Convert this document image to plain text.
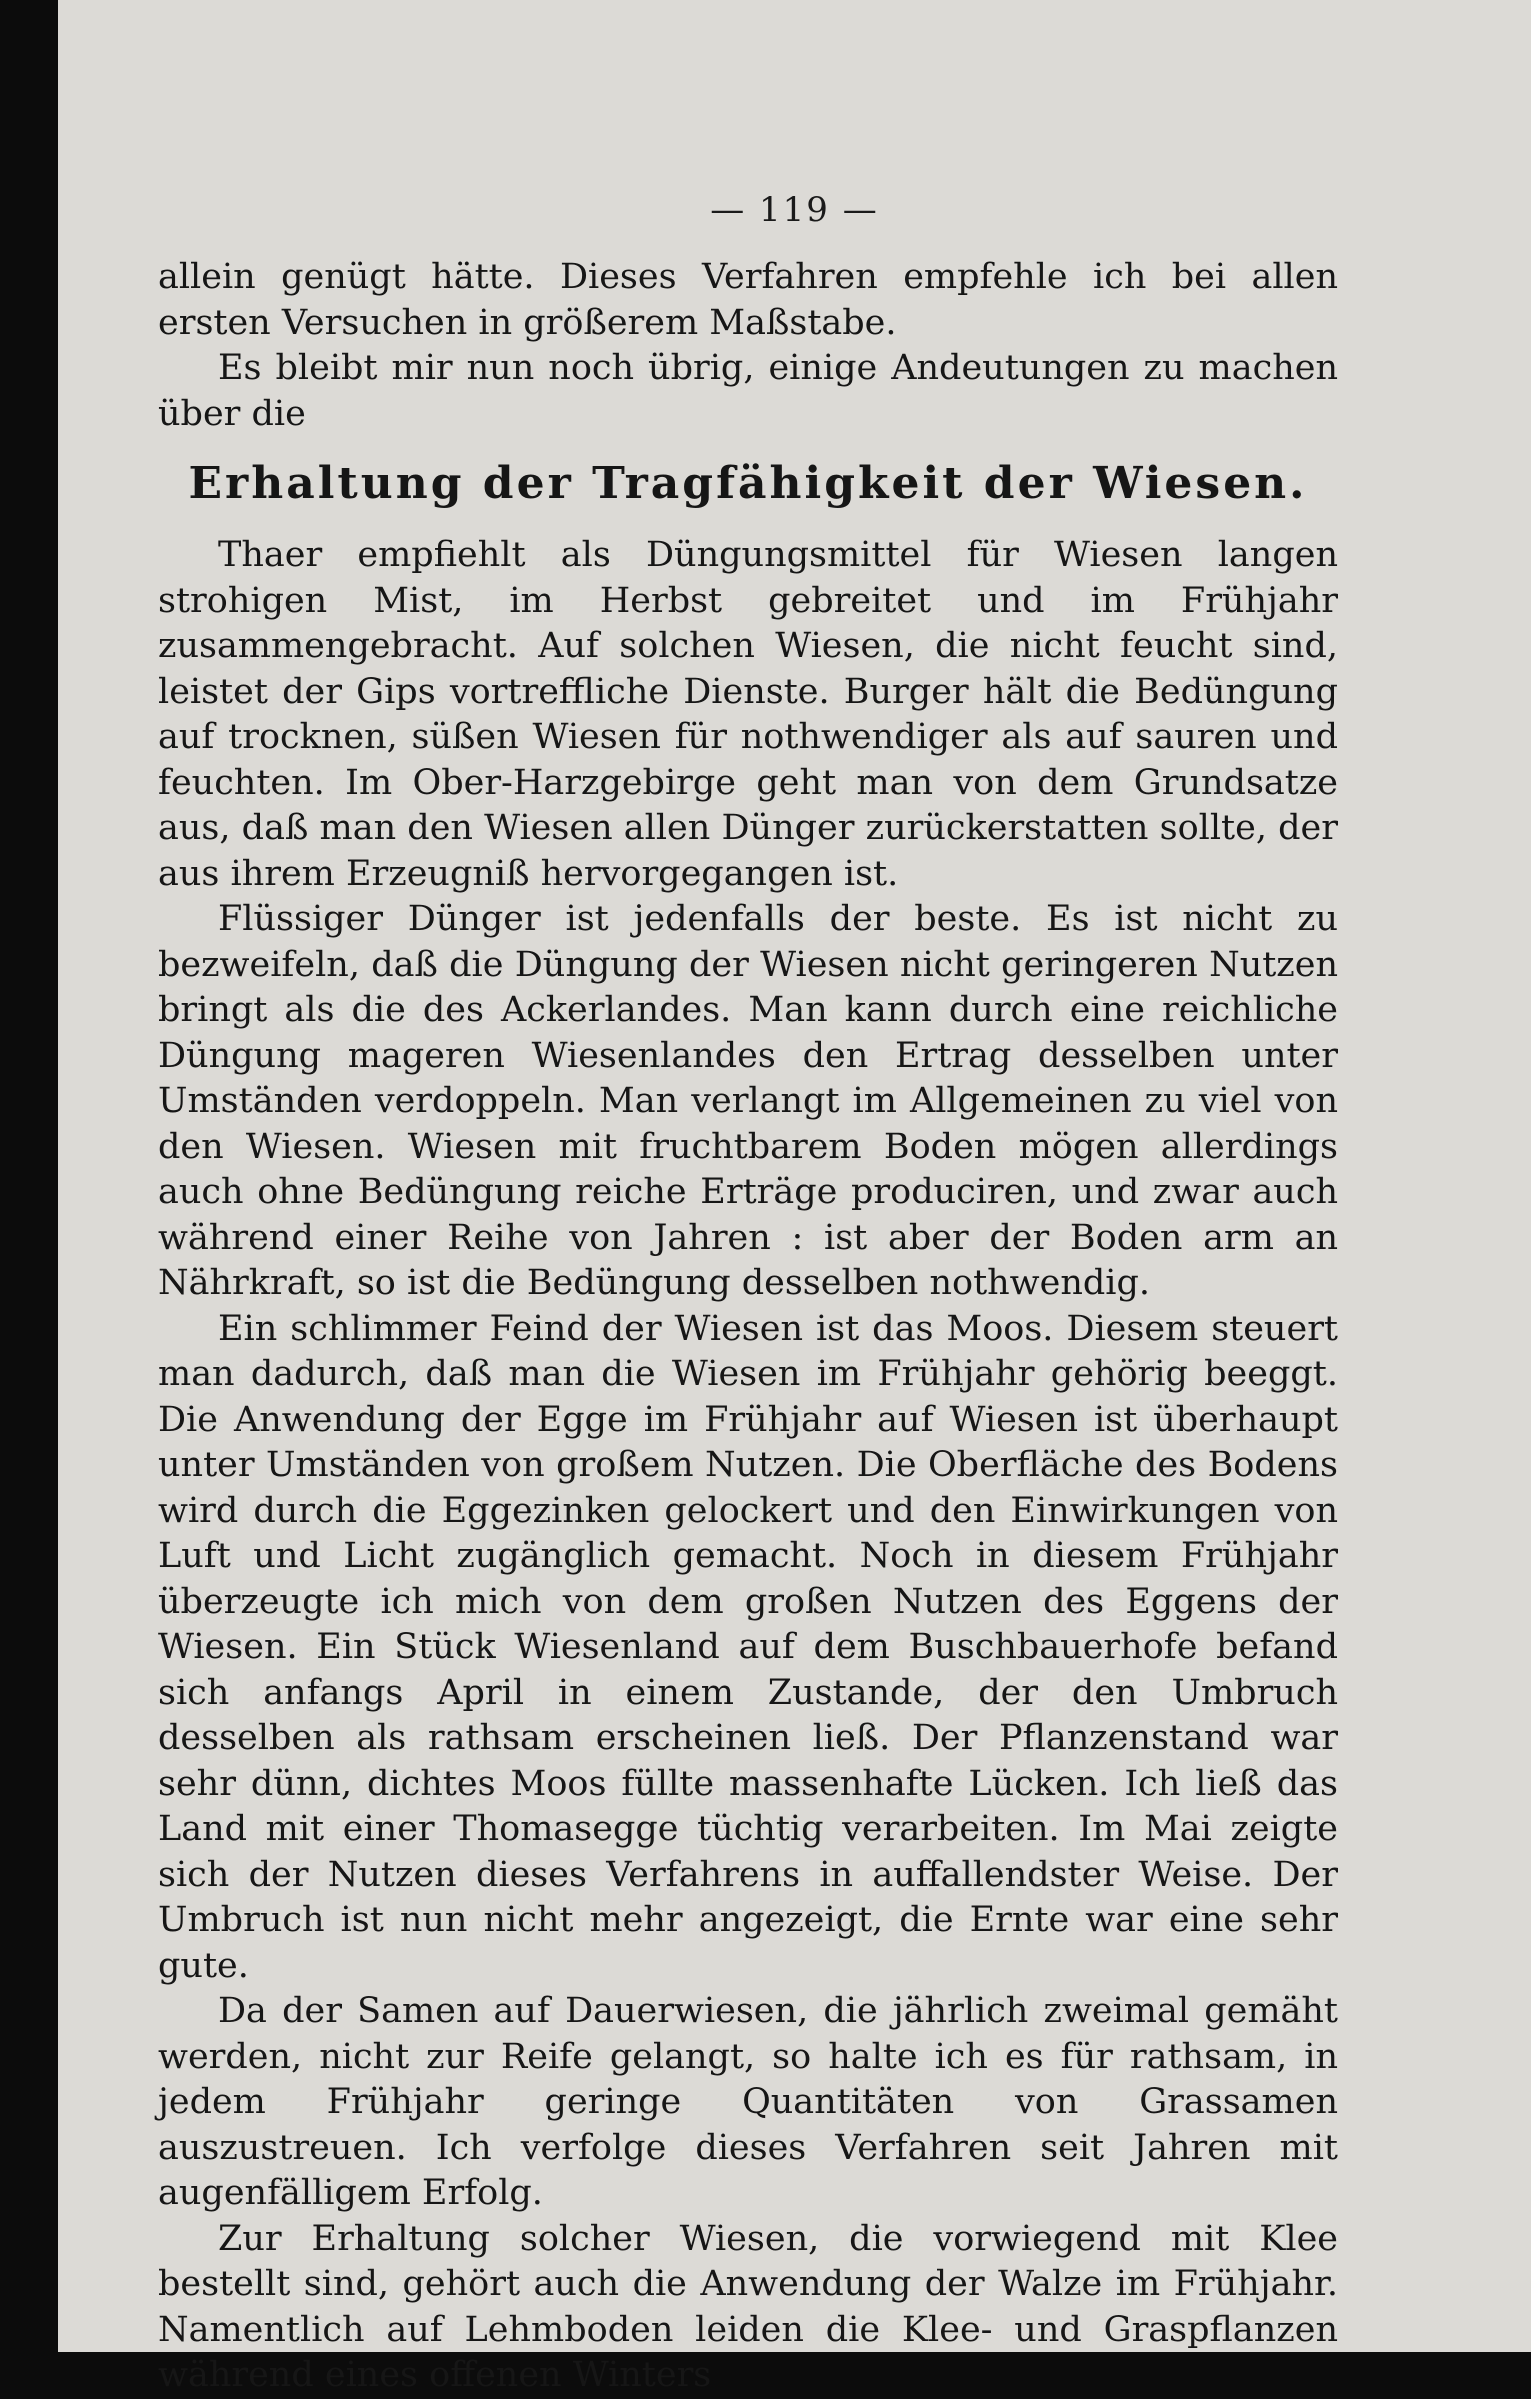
— 119 —

allein genügt hätte. Dieses Verfahren empfehle ich bei allen ersten Versuchen in größerem Maßstabe.

Es bleibt mir nun noch übrig, einige Andeutungen zu machen über die

Erhaltung der Tragfähigkeit der Wiesen.

Thaer empfiehlt als Düngungsmittel für Wiesen langen strohigen Mist, im Herbst gebreitet und im Frühjahr zusammengebracht. Auf solchen Wiesen, die nicht feucht sind, leistet der Gips vortreffliche Dienste. Burger hält die Bedüngung auf trocknen, süßen Wiesen für nothwendiger als auf sauren und feuchten. Im Ober-Harzgebirge geht man von dem Grundsatze aus, daß man den Wiesen allen Dünger zurückerstatten sollte, der aus ihrem Erzeugniß hervorgegangen ist.

Flüssiger Dünger ist jedenfalls der beste. Es ist nicht zu bezweifeln, daß die Düngung der Wiesen nicht geringeren Nutzen bringt als die des Ackerlandes. Man kann durch eine reichliche Düngung mageren Wiesenlandes den Ertrag desselben unter Umständen verdoppeln. Man verlangt im Allgemeinen zu viel von den Wiesen. Wiesen mit fruchtbarem Boden mögen allerdings auch ohne Bedüngung reiche Erträge produciren, und zwar auch während einer Reihe von Jahren : ist aber der Boden arm an Nährkraft, so ist die Bedüngung desselben nothwendig.

Ein schlimmer Feind der Wiesen ist das Moos. Diesem steuert man dadurch, daß man die Wiesen im Frühjahr gehörig beeggt. Die Anwendung der Egge im Frühjahr auf Wiesen ist überhaupt unter Umständen von großem Nutzen. Die Oberfläche des Bodens wird durch die Eggezinken gelockert und den Einwirkungen von Luft und Licht zugänglich gemacht. Noch in diesem Frühjahr überzeugte ich mich von dem großen Nutzen des Eggens der Wiesen. Ein Stück Wiesenland auf dem Buschbauerhofe befand sich anfangs April in einem Zustande, der den Umbruch desselben als rathsam erscheinen ließ. Der Pflanzenstand war sehr dünn, dichtes Moos füllte massenhafte Lücken. Ich ließ das Land mit einer Thomasegge tüchtig verarbeiten. Im Mai zeigte sich der Nutzen dieses Verfahrens in auffallendster Weise. Der Umbruch ist nun nicht mehr angezeigt, die Ernte war eine sehr gute.

Da der Samen auf Dauerwiesen, die jährlich zweimal gemäht werden, nicht zur Reife gelangt, so halte ich es für rathsam, in jedem Frühjahr geringe Quantitäten von Grassamen auszustreuen. Ich verfolge dieses Verfahren seit Jahren mit augenfälligem Erfolg.

Zur Erhaltung solcher Wiesen, die vorwiegend mit Klee bestellt sind, gehört auch die Anwendung der Walze im Frühjahr. Namentlich auf Lehmboden leiden die Klee- und Graspflanzen während eines offenen Winters
